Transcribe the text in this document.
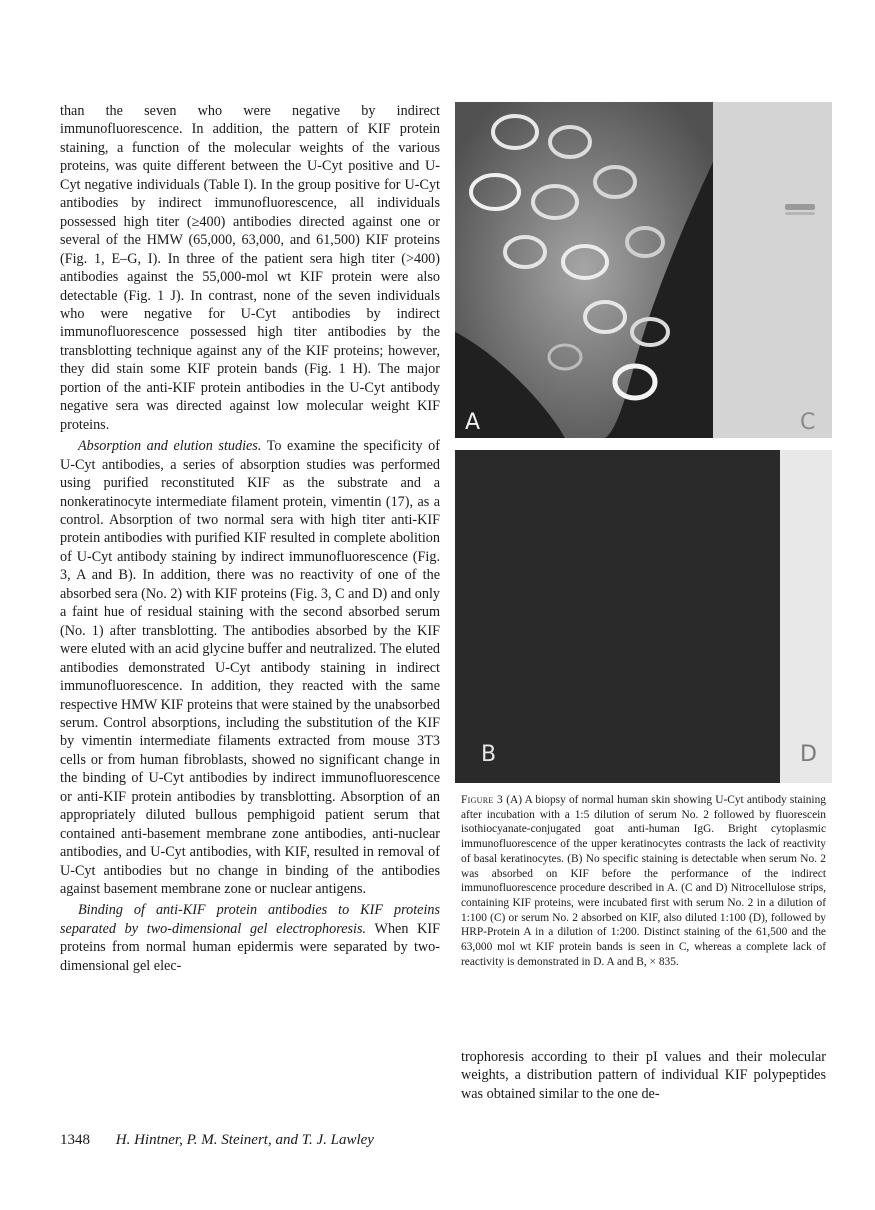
than the seven who were negative by indirect immunofluorescence. In addition, the pattern of KIF protein staining, a function of the molecular weights of the various proteins, was quite different between the U-Cyt positive and U-Cyt negative individuals (Table I). In the group positive for U-Cyt antibodies by indirect immunofluorescence, all individuals possessed high titer (≥400) antibodies directed against one or several of the HMW (65,000, 63,000, and 61,500) KIF proteins (Fig. 1, E–G, I). In three of the patient sera high titer (>400) antibodies against the 55,000-mol wt KIF protein were also detectable (Fig. 1 J). In contrast, none of the seven individuals who were negative for U-Cyt antibodies by indirect immunofluorescence possessed high titer antibodies by the transblotting technique against any of the KIF proteins; however, they did stain some KIF protein bands (Fig. 1 H). The major portion of the anti-KIF protein antibodies in the U-Cyt antibody negative sera was directed against low molecular weight KIF proteins.

Absorption and elution studies. To examine the specificity of U-Cyt antibodies, a series of absorption studies was performed using purified reconstituted KIF as the substrate and a nonkeratinocyte intermediate filament protein, vimentin (17), as a control. Absorption of two normal sera with high titer anti-KIF protein antibodies with purified KIF resulted in complete abolition of U-Cyt antibody staining by indirect immunofluorescence (Fig. 3, A and B). In addition, there was no reactivity of one of the absorbed sera (No. 2) with KIF proteins (Fig. 3, C and D) and only a faint hue of residual staining with the second absorbed serum (No. 1) after transblotting. The antibodies absorbed by the KIF were eluted with an acid glycine buffer and neutralized. The eluted antibodies demonstrated U-Cyt antibody staining in indirect immunofluorescence. In addition, they reacted with the same respective HMW KIF proteins that were stained by the unabsorbed serum. Control absorptions, including the substitution of the KIF by vimentin intermediate filaments extracted from mouse 3T3 cells or from human fibroblasts, showed no significant change in the binding of U-Cyt antibodies by indirect immunofluorescence or anti-KIF protein antibodies by transblotting. Absorption of an appropriately diluted bullous pemphigoid patient serum that contained anti-basement membrane zone antibodies, anti-nuclear antibodies, and U-Cyt antibodies, with KIF, resulted in removal of U-Cyt antibodies but no change in binding of the antibodies against basement membrane zone or nuclear antigens.

Binding of anti-KIF protein antibodies to KIF proteins separated by two-dimensional gel electrophoresis. When KIF proteins from normal human epidermis were separated by two-dimensional gel elec-

A	C
B	D

Figure 3 (A) A biopsy of normal human skin showing U-Cyt antibody staining after incubation with a 1:5 dilution of serum No. 2 followed by fluorescein isothiocyanate-conjugated goat anti-human IgG. Bright cytoplasmic immunofluorescence of the upper keratinocytes contrasts the lack of reactivity of basal keratinocytes. (B) No specific staining is detectable when serum No. 2 was absorbed on KIF before the performance of the indirect immunofluorescence procedure described in A. (C and D) Nitrocellulose strips, containing KIF proteins, were incubated first with serum No. 2 in a dilution of 1:100 (C) or serum No. 2 absorbed on KIF, also diluted 1:100 (D), followed by HRP-Protein A in a dilution of 1:200. Distinct staining of the 61,500 and the 63,000 mol wt KIF protein bands is seen in C, whereas a complete lack of reactivity is demonstrated in D. A and B, × 835.

trophoresis according to their pI values and their molecular weights, a distribution pattern of individual KIF polypeptides was obtained similar to the one de-

1348 H. Hintner, P. M. Steinert, and T. J. Lawley
